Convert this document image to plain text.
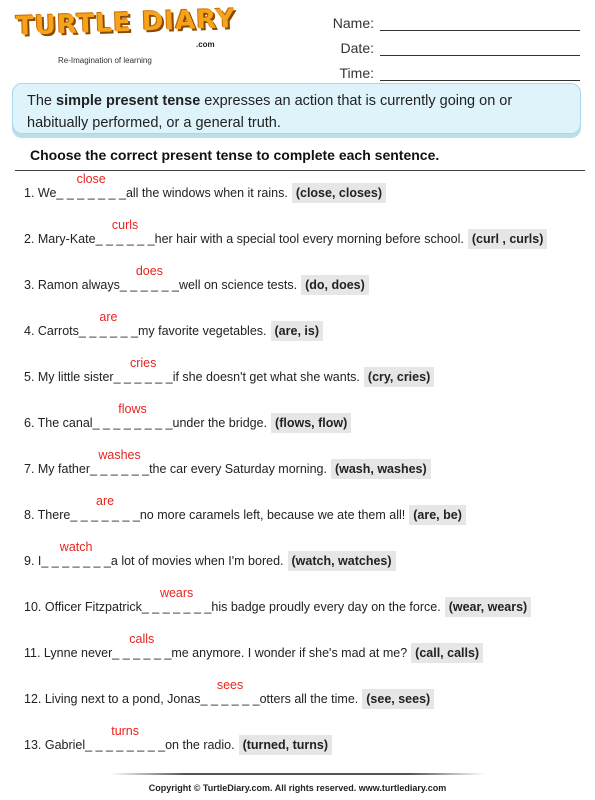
TURTLE DIARY
.com
Re-Imagination of learning
Name:
Date:
Time:
The simple present tense expresses an action that is currently going on or habitually performed, or a general truth.
Choose the correct present tense to complete each sentence.
1. We _ _ _ _ _ _ _
close
all the windows when it rains. (close, closes)
2. Mary-Kate _ _ _ _ _ _
curls
her hair with a special tool every morning before school. (curl , curls)
3. Ramon always _ _ _ _ _ _
does
well on science tests. (do, does)
4. Carrots _ _ _ _ _ _
are
my favorite vegetables. (are, is)
5. My little sister _ _ _ _ _ _
cries
if she doesn't get what she wants. (cry, cries)
6. The canal _ _ _ _ _ _ _ _
flows
under the bridge. (flows, flow)
7. My father _ _ _ _ _ _
washes
the car every Saturday morning. (wash, washes)
8. There _ _ _ _ _ _ _
are
no more caramels left, because we ate them all! (are, be)
9. I _ _ _ _ _ _ _
watch
a lot of movies when I'm bored. (watch, watches)
10. Officer Fitzpatrick _ _ _ _ _ _ _
wears
his badge proudly every day on the force. (wear, wears)
11. Lynne never _ _ _ _ _ _
calls
me anymore. I wonder if she's mad at me? (call, calls)
12. Living next to a pond, Jonas _ _ _ _ _ _
sees
otters all the time. (see, sees)
13. Gabriel _ _ _ _ _ _ _ _
turns
on the radio. (turned, turns)
Copyright © TurtleDiary.com. All rights reserved. www.turtlediary.com
